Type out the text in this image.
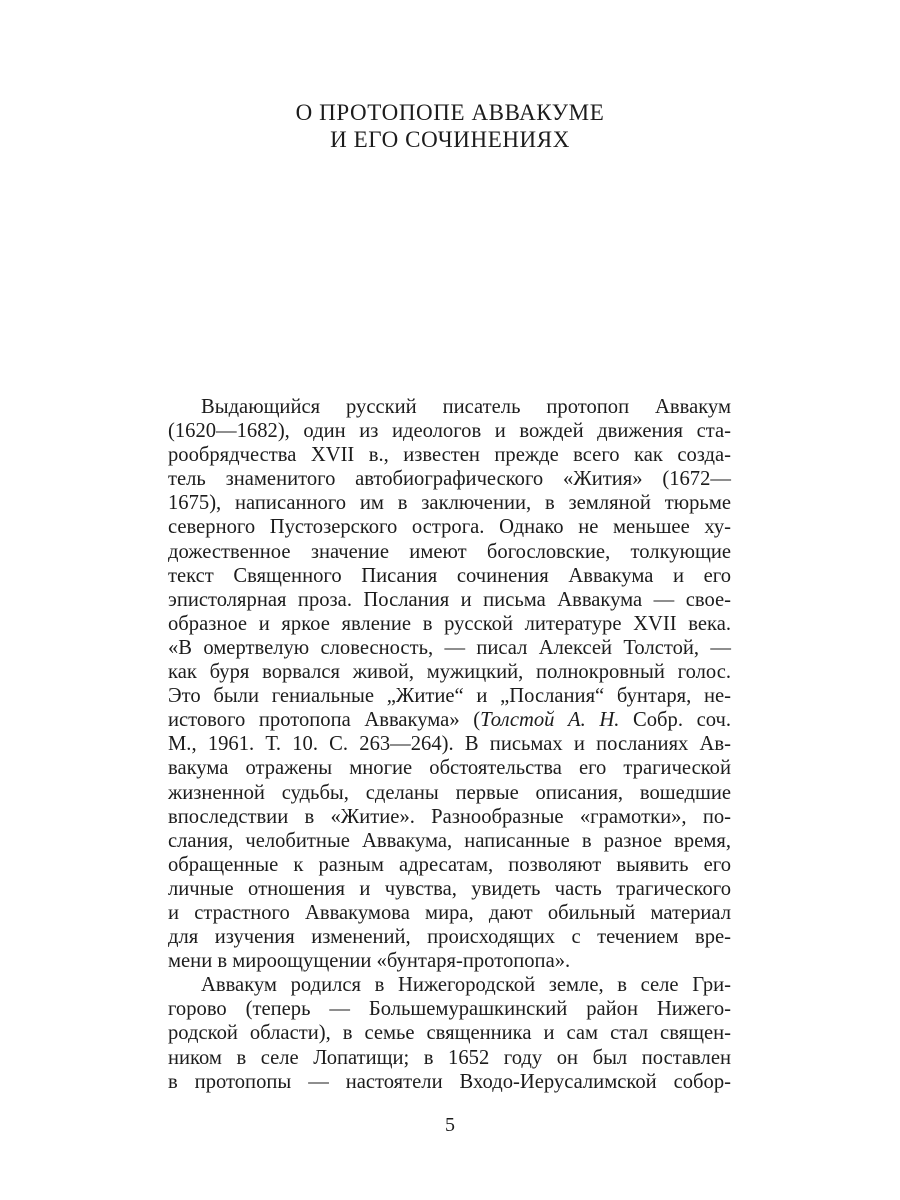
О ПРОТОПОПЕ АВВАКУМЕ
И ЕГО СОЧИНЕНИЯХ
Выдающийся русский писатель протопоп Аввакум
(1620—1682), один из идеологов и вождей движения ста-
рообрядчества XVII в., известен прежде всего как созда-
тель знаменитого автобиографического «Жития» (1672—
1675), написанного им в заключении, в земляной тюрьме
северного Пустозерского острога. Однако не меньшее ху-
дожественное значение имеют богословские, толкующие
текст Священного Писания сочинения Аввакума и его
эпистолярная проза. Послания и письма Аввакума — свое-
образное и яркое явление в русской литературе XVII века.
«В омертвелую словесность, — писал Алексей Толстой, —
как буря ворвался живой, мужицкий, полнокровный голос.
Это были гениальные „Житие“ и „Послания“ бунтаря, не-
истового протопопа Аввакума» (Толстой А. Н. Собр. соч.
М., 1961. Т. 10. С. 263—264). В письмах и посланиях Ав-
вакума отражены многие обстоятельства его трагической
жизненной судьбы, сделаны первые описания, вошедшие
впоследствии в «Житие». Разнообразные «грамотки», по-
слания, челобитные Аввакума, написанные в разное время,
обращенные к разным адресатам, позволяют выявить его
личные отношения и чувства, увидеть часть трагического
и страстного Аввакумова мира, дают обильный материал
для изучения изменений, происходящих с течением вре-
мени в мироощущении «бунтаря-протопопа».
Аввакум родился в Нижегородской земле, в селе Гри-
горово (теперь — Большемурашкинский район Нижего-
родской области), в семье священника и сам стал священ-
ником в селе Лопатищи; в 1652 году он был поставлен
в протопопы — настоятели Входо-Иерусалимской собор-
5
